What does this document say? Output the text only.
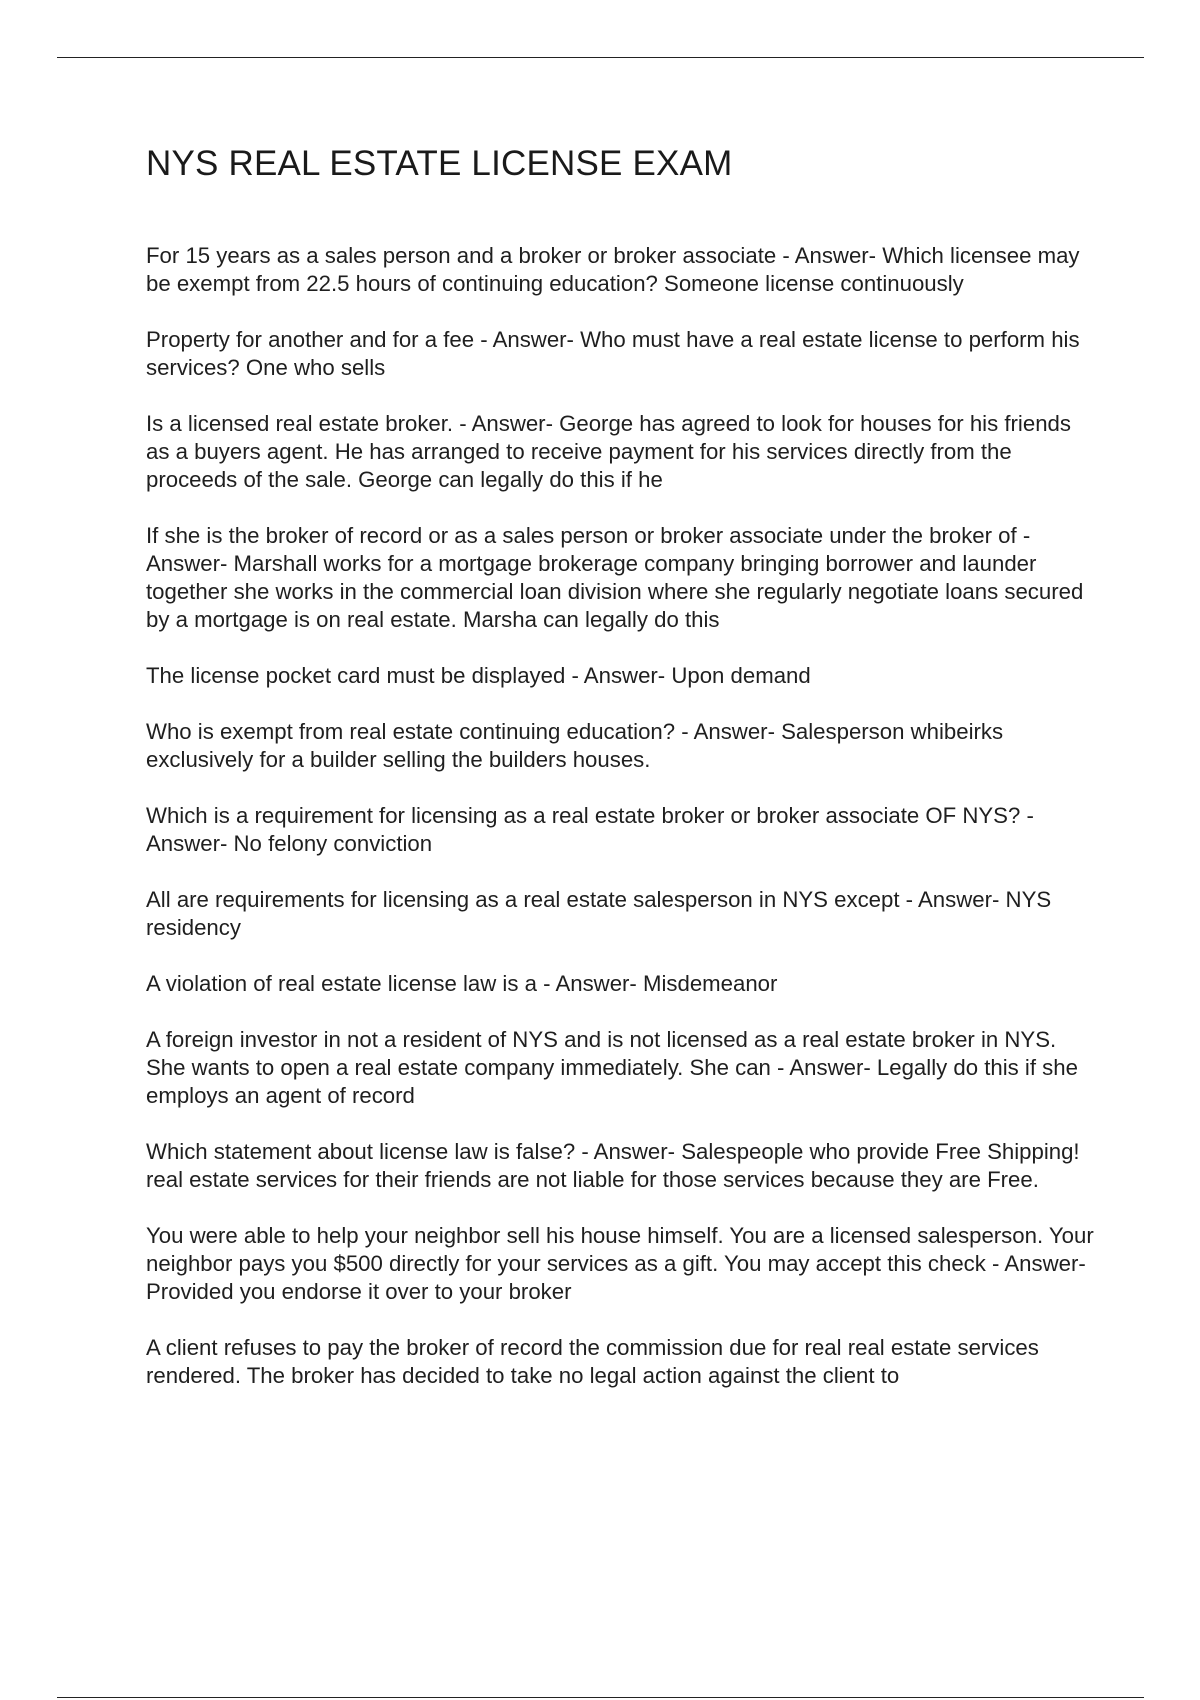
NYS REAL ESTATE LICENSE EXAM
For 15 years as a sales person and a broker or broker associate - Answer- Which licensee may be exempt from 22.5 hours of continuing education? Someone license continuously
Property for another and for a fee - Answer- Who must have a real estate license to perform his services? One who sells
Is a licensed real estate broker. - Answer- George has agreed to look for houses for his friends as a buyers agent. He has arranged to receive payment for his services directly from the proceeds of the sale. George can legally do this if he
If she is the broker of record or as a sales person or broker associate under the broker of - Answer- Marshall works for a mortgage brokerage company bringing borrower and launder together she works in the commercial loan division where she regularly negotiate loans secured by a mortgage is on real estate. Marsha can legally do this
The license pocket card must be displayed - Answer- Upon demand
Who is exempt from real estate continuing education? - Answer- Salesperson whibeirks exclusively for a builder selling the builders houses.
Which is a requirement for licensing as a real estate broker or broker associate OF NYS? - Answer- No felony conviction
All are requirements for licensing as a real estate salesperson in NYS except - Answer- NYS residency
A violation of real estate license law is a - Answer- Misdemeanor
A foreign investor in not a resident of NYS and is not licensed as a real estate broker in NYS. She wants to open a real estate company immediately. She can - Answer- Legally do this if she employs an agent of record
Which statement about license law is false? - Answer- Salespeople who provide Free Shipping! real estate services for their friends are not liable for those services because they are Free.
You were able to help your neighbor sell his house himself. You are a licensed salesperson. Your neighbor pays you $500 directly for your services as a gift. You may accept this check - Answer- Provided you endorse it over to your broker
A client refuses to pay the broker of record the commission due for real real estate services rendered. The broker has decided to take no legal action against the client to
